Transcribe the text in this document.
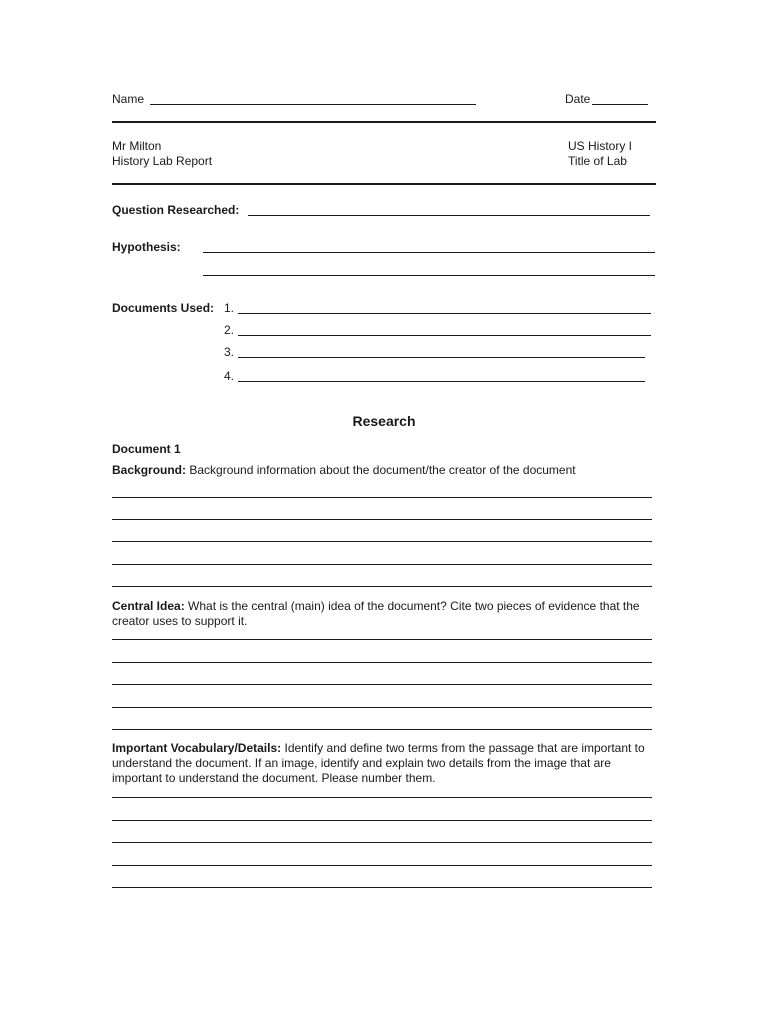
Name	Date
Mr Milton
History Lab Report
US History I
Title of Lab
Question Researched:
Hypothesis:
Documents Used: 1.
2.
3.
4.
Research
Document 1
Background: Background information about the document/the creator of the document
Central Idea: What is the central (main) idea of the document? Cite two pieces of evidence that the creator uses to support it.
Important Vocabulary/Details: Identify and define two terms from the passage that are important to understand the document. If an image, identify and explain two details from the image that are important to understand the document. Please number them.
